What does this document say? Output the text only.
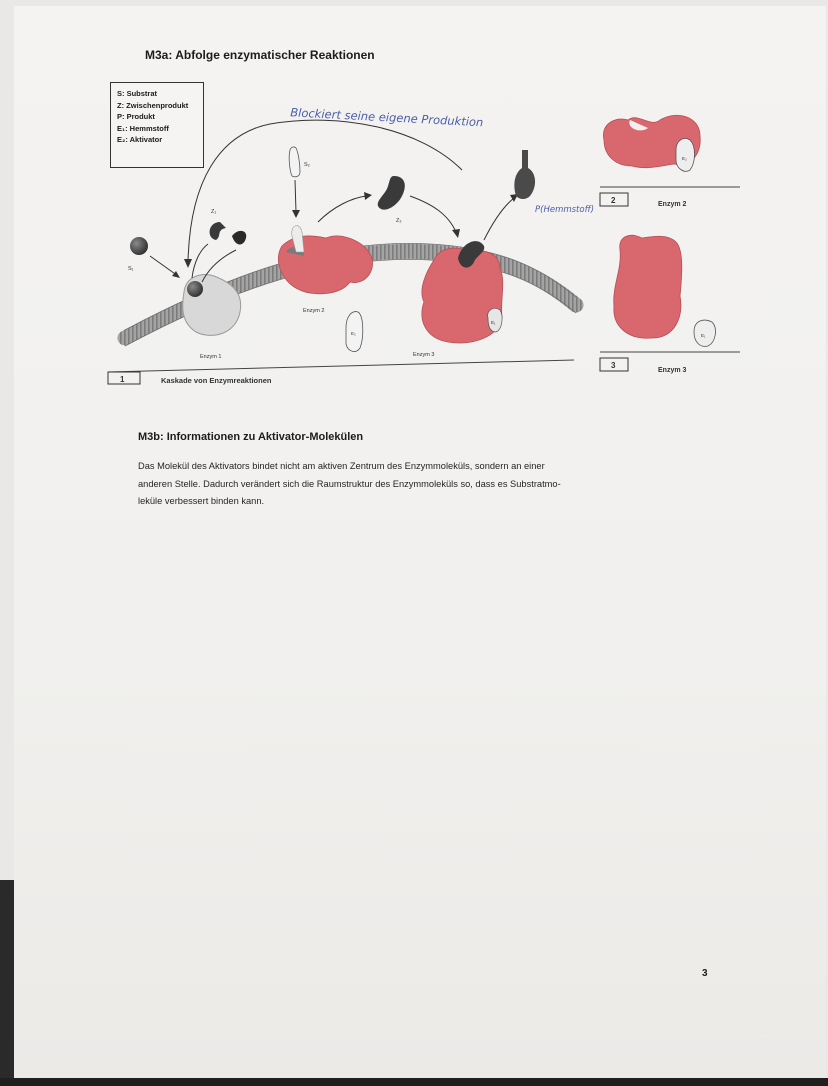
M3a: Abfolge enzymatischer Reaktionen
S: Substrat
Z: Zwischenprodukt
P: Produkt
E₁: Hemmstoff
E₂: Aktivator
1	Kaskade von Enzymreaktionen
Enzym 1
S₁
Z₁
Blockiert seine eigene Produktion
Enzym 2
S₂
Z₂
E₁
Enzym 3
P(Hemmstoff)
E₂
E₂
2	Enzym 2
E₁
3
Enzym 3
M3b: Informationen zu Aktivator-Molekülen

Das Molekül des Aktivators bindet nicht am aktiven Zentrum des Enzymmoleküls, sondern an einer
anderen Stelle. Dadurch verändert sich die Raumstruktur des Enzymmoleküls so, dass es Substratmo-
leküle verbessert binden kann.

3
